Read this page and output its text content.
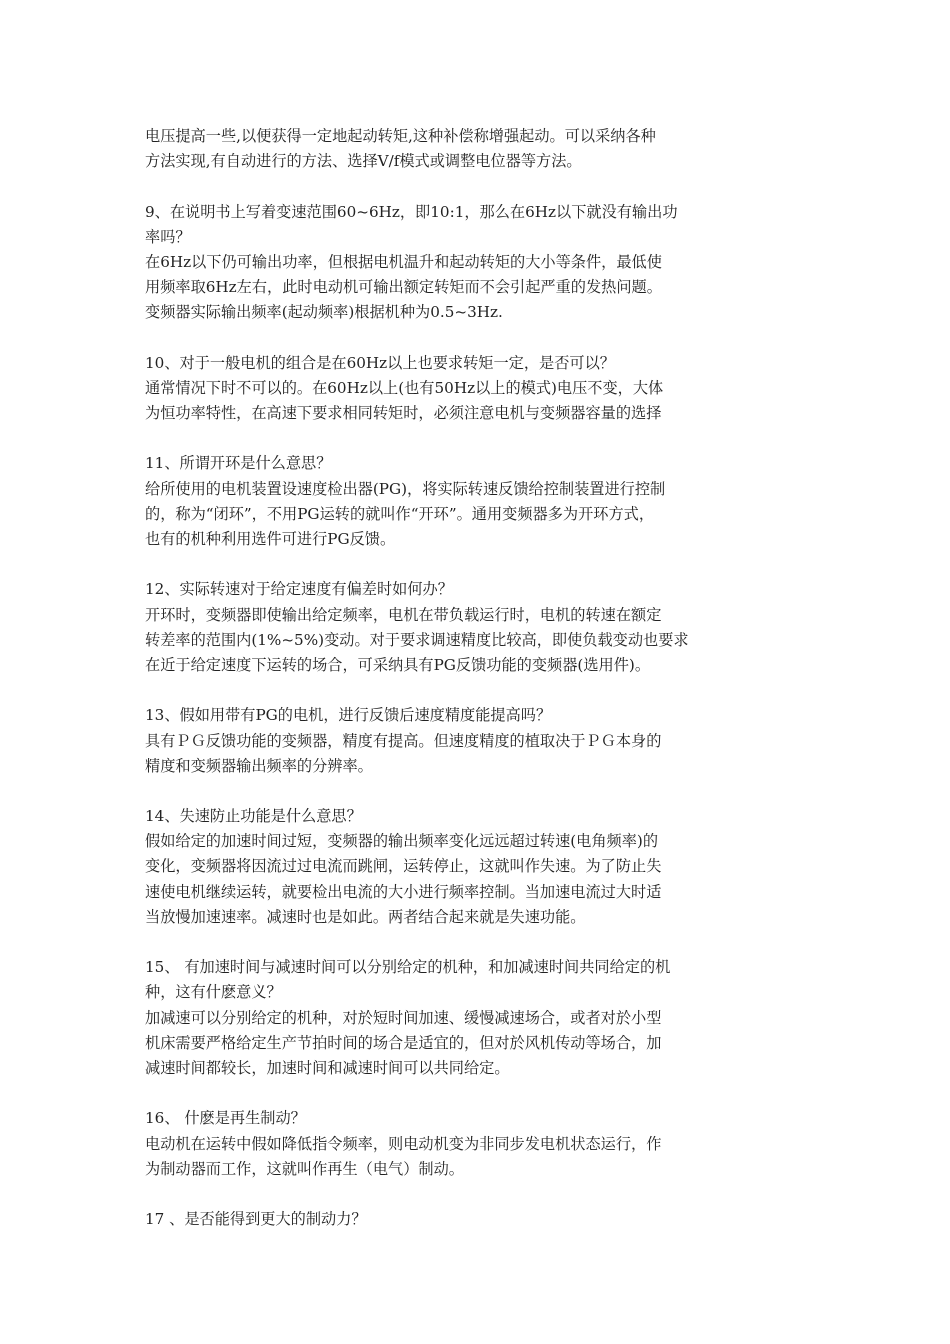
电压提高一些,以便获得一定地起动转矩,这种补偿称增强起动。可以采纳各种
方法实现,有自动进行的方法、选择V/f模式或调整电位器等方法。
9、在说明书上写着变速范围60~6Hz，即10:1，那么在6Hz以下就没有输出功
率吗？
在6Hz以下仍可输出功率，但根据电机温升和起动转矩的大小等条件，最低使
用频率取6Hz左右，此时电动机可输出额定转矩而不会引起严重的发热问题。
变频器实际输出频率(起动频率)根据机种为0.5~3Hz.
10、对于一般电机的组合是在60Hz以上也要求转矩一定，是否可以？
通常情况下时不可以的。在60Hz以上(也有50Hz以上的模式)电压不变，大体
为恒功率特性，在高速下要求相同转矩时，必须注意电机与变频器容量的选择
11、所谓开环是什么意思？
给所使用的电机装置设速度检出器(PG)，将实际转速反馈给控制装置进行控制
的，称为“闭环”，不用PG运转的就叫作“开环”。通用变频器多为开环方式，
也有的机种利用选件可进行PG反馈。
12、实际转速对于给定速度有偏差时如何办？
开环时，变频器即使输出给定频率，电机在带负载运行时，电机的转速在额定
转差率的范围内(1%~5%)变动。对于要求调速精度比较高，即使负载变动也要求
在近于给定速度下运转的场合，可采纳具有PG反馈功能的变频器(选用件)。
13、假如用带有PG的电机，进行反馈后速度精度能提高吗？
具有ＰＧ反馈功能的变频器，精度有提高。但速度精度的植取决于ＰＧ本身的
精度和变频器输出频率的分辨率。
14、失速防止功能是什么意思？
假如给定的加速时间过短，变频器的输出频率变化远远超过转速(电角频率)的
变化，变频器将因流过过电流而跳闸，运转停止，这就叫作失速。为了防止失
速使电机继续运转，就要检出电流的大小进行频率控制。当加速电流过大时适
当放慢加速速率。减速时也是如此。两者结合起来就是失速功能。
15、 有加速时间与减速时间可以分别给定的机种，和加减速时间共同给定的机
种，这有什麽意义？
加减速可以分别给定的机种，对於短时间加速、缓慢减速场合，或者对於小型
机床需要严格给定生产节拍时间的场合是适宜的，但对於风机传动等场合，加
减速时间都较长，加速时间和减速时间可以共同给定。
16、 什麽是再生制动？
电动机在运转中假如降低指令频率，则电动机变为非同步发电机状态运行，作
为制动器而工作，这就叫作再生（电气）制动。
17 、是否能得到更大的制动力？
